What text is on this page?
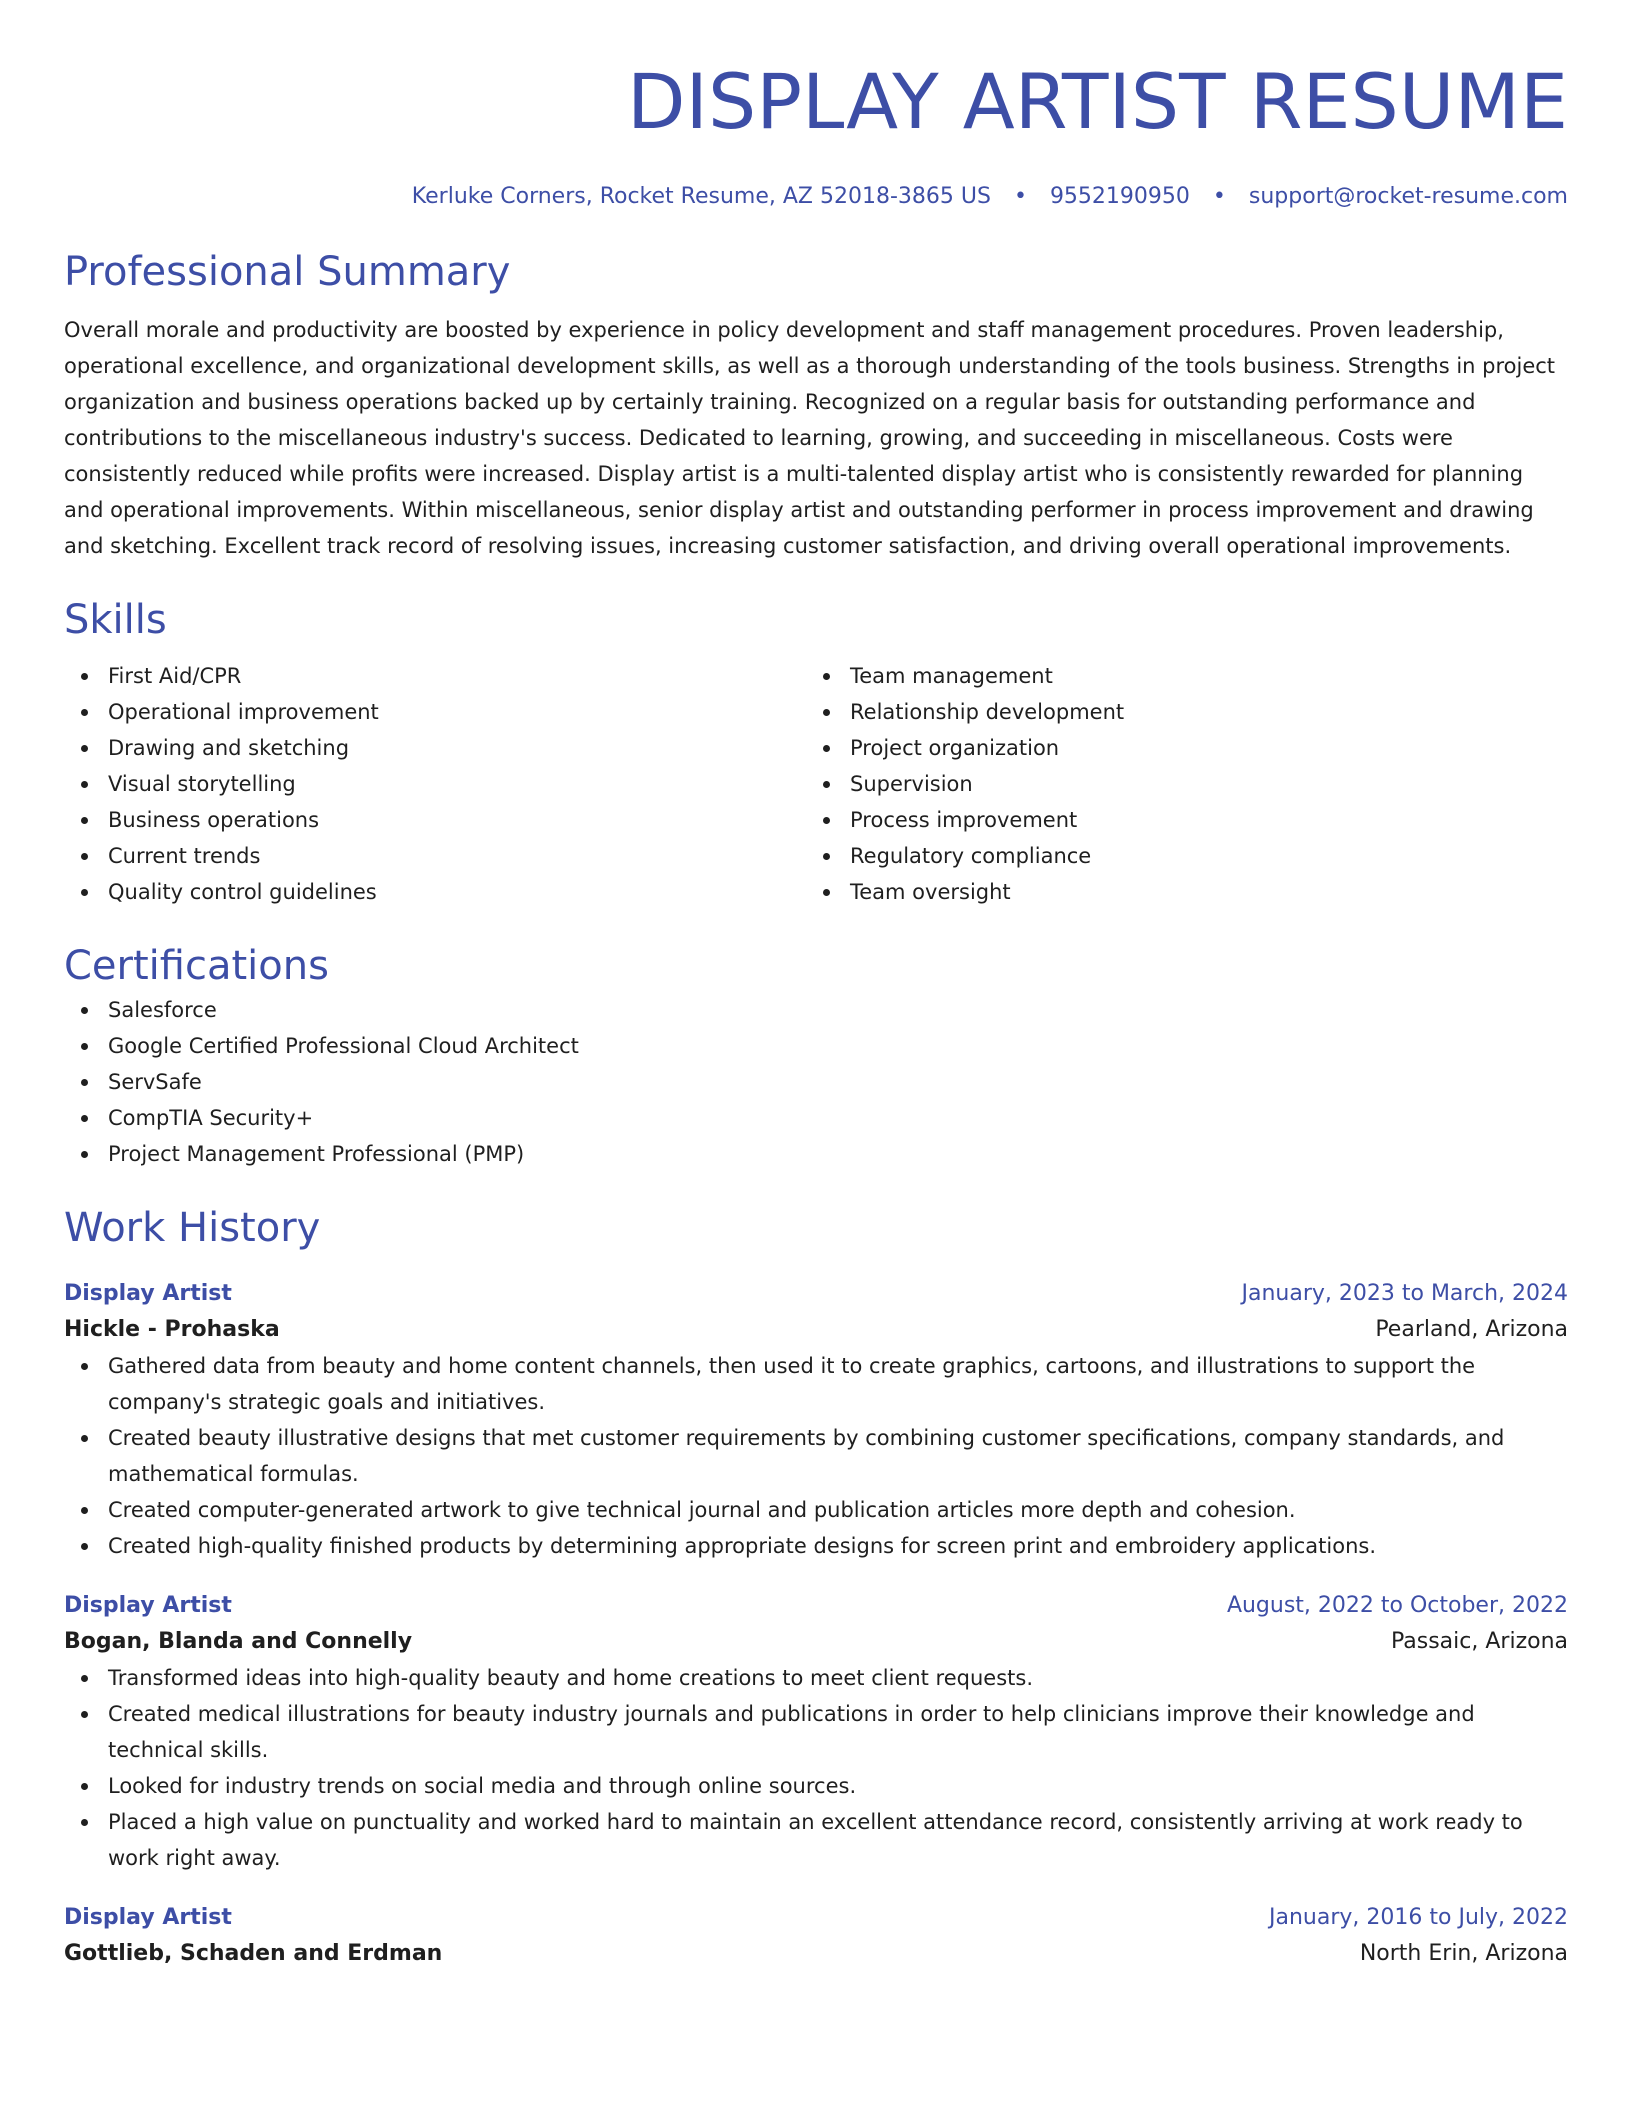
DISPLAY ARTIST RESUME
Kerluke Corners, Rocket Resume, AZ 52018-3865 US • 9552190950 • support@rocket-resume.com
Professional Summary

Overall morale and productivity are boosted by experience in policy development and staff management procedures. Proven leadership, operational excellence, and organizational development skills, as well as a thorough understanding of the tools business. Strengths in project organization and business operations backed up by certainly training. Recognized on a regular basis for outstanding performance and contributions to the miscellaneous industry's success. Dedicated to learning, growing, and succeeding in miscellaneous. Costs were consistently reduced while profits were increased. Display artist is a multi-talented display artist who is consistently rewarded for planning and operational improvements. Within miscellaneous, senior display artist and outstanding performer in process improvement and drawing and sketching. Excellent track record of resolving issues, increasing customer satisfaction, and driving overall operational improvements.

Skills
First Aid/CPR
Operational improvement
Drawing and sketching
Visual storytelling
Business operations
Current trends
Quality control guidelines
Team management
Relationship development
Project organization
Supervision
Process improvement
Regulatory compliance
Team oversight
Certifications
Salesforce
Google Certified Professional Cloud Architect
ServSafe
CompTIA Security+
Project Management Professional (PMP)
Work History
Display Artist	January, 2023 to March, 2024
Hickle - Prohaska	Pearland, Arizona
Gathered data from beauty and home content channels, then used it to create graphics, cartoons, and illustrations to support the company's strategic goals and initiatives.
Created beauty illustrative designs that met customer requirements by combining customer specifications, company standards, and mathematical formulas.
Created computer-generated artwork to give technical journal and publication articles more depth and cohesion.
Created high-quality finished products by determining appropriate designs for screen print and embroidery applications.
Display Artist	August, 2022 to October, 2022
Bogan, Blanda and Connelly	Passaic, Arizona
Transformed ideas into high-quality beauty and home creations to meet client requests.
Created medical illustrations for beauty industry journals and publications in order to help clinicians improve their knowledge and technical skills.
Looked for industry trends on social media and through online sources.
Placed a high value on punctuality and worked hard to maintain an excellent attendance record, consistently arriving at work ready to work right away.
Display Artist	January, 2016 to July, 2022
Gottlieb, Schaden and Erdman	North Erin, Arizona
